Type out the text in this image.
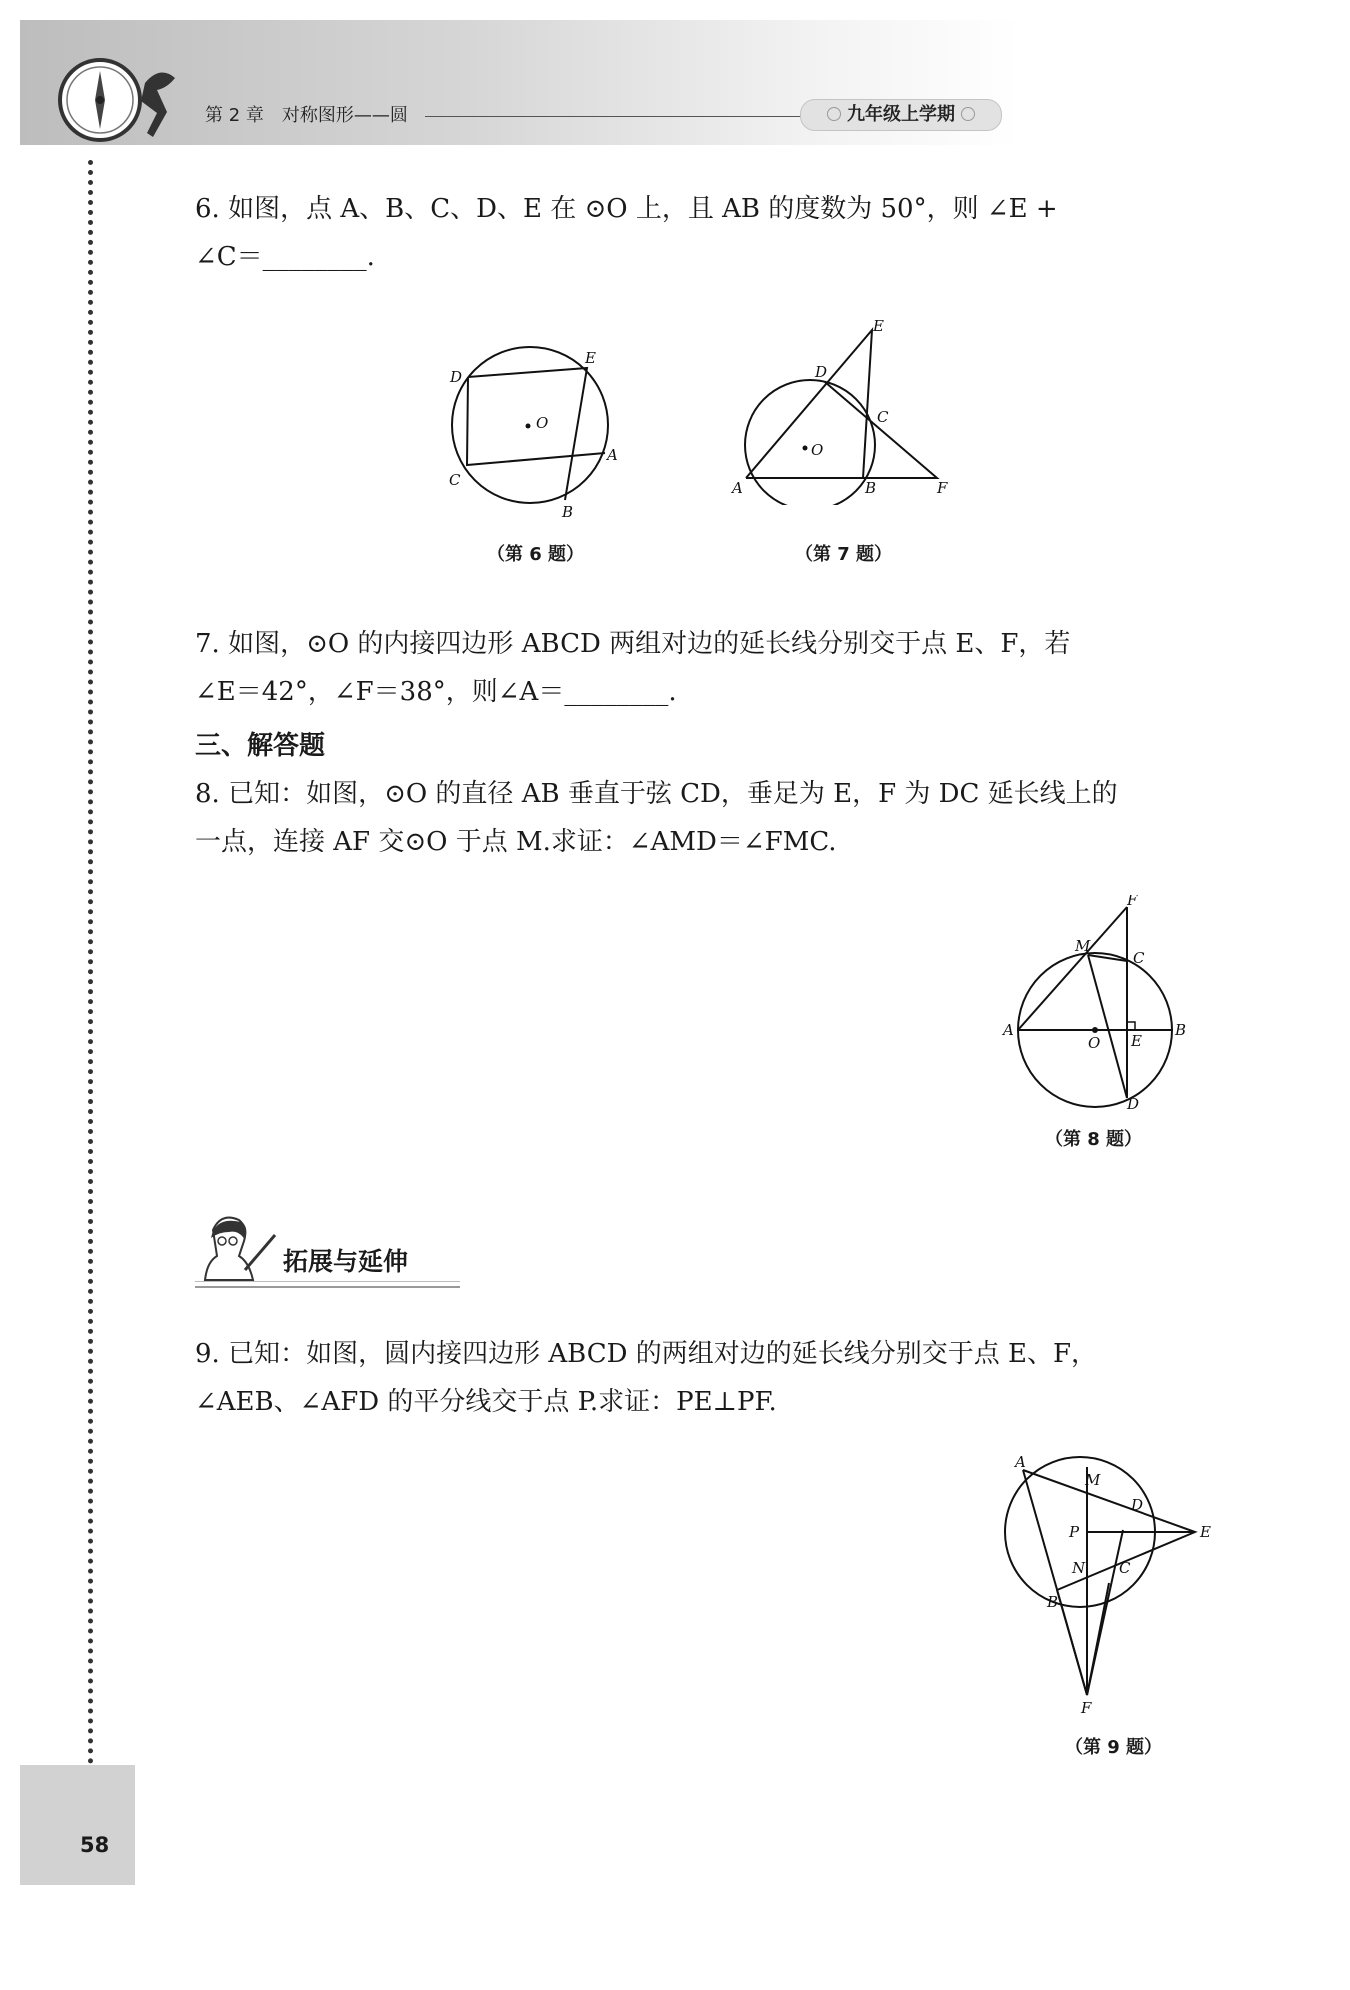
第 2 章　对称图形——圆	九年级上学期
6. 如图，点 A、B、C、D、E 在 ⊙O 上，且 AB 的度数为 50°，则 ∠E +
∠C＝________.
D
E
O
A
C
B
（第 6 题）
E
D
C
O
A	B	F
（第 7 题）
7. 如图，⊙O 的内接四边形 ABCD 两组对边的延长线分别交于点 E、F，若
∠E＝42°，∠F＝38°，则∠A＝________.
三、解答题
8. 已知：如图，⊙O 的直径 AB 垂直于弦 CD，垂足为 E，F 为 DC 延长线上的
一点，连接 AF 交⊙O 于点 M.求证：∠AMD＝∠FMC.
F
M
C
A
O E
B
D
（第 8 题）
拓展与延伸
9. 已知：如图，圆内接四边形 ABCD 的两组对边的延长线分别交于点 E、F，
∠AEB、∠AFD 的平分线交于点 P.求证：PE⊥PF.
A
M
D
P	E
N C
B
F
（第 9 题）
58
